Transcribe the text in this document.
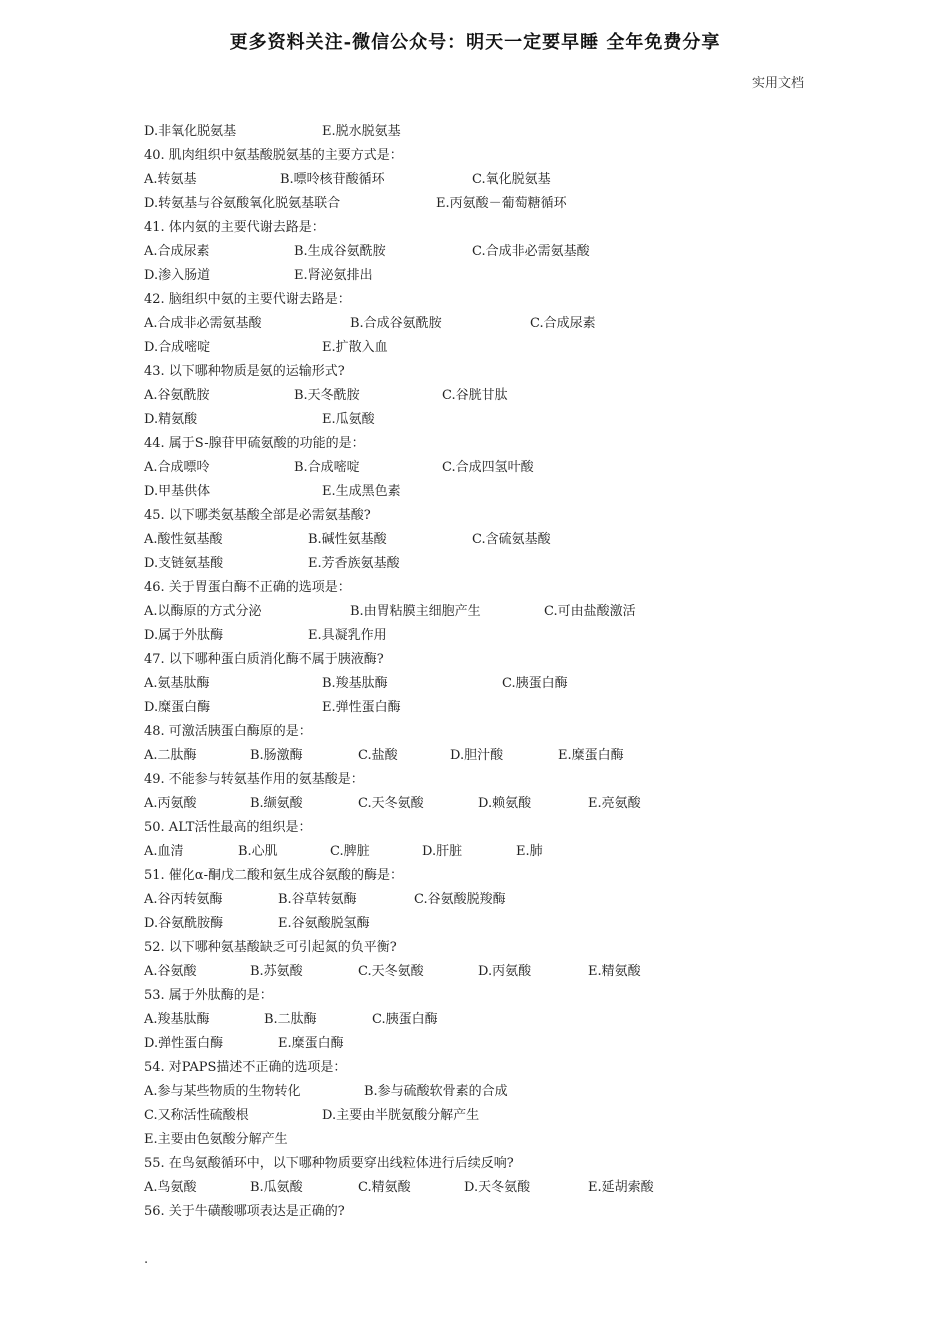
更多资料关注-微信公众号：明天一定要早睡 全年免费分享
实用文档
D.非氧化脱氨基	E.脱水脱氨基
40. 肌肉组织中氨基酸脱氨基的主要方式是：
A.转氨基	B.嘌呤核苷酸循环	C.氧化脱氨基
D.转氨基与谷氨酸氧化脱氨基联合	E.丙氨酸－葡萄糖循环
41. 体内氨的主要代谢去路是：
A.合成尿素	B.生成谷氨酰胺	C.合成非必需氨基酸
D.渗入肠道	E.肾泌氨排出
42. 脑组织中氨的主要代谢去路是：
A.合成非必需氨基酸	B.合成谷氨酰胺	C.合成尿素
D.合成嘧啶	E.扩散入血
43. 以下哪种物质是氨的运输形式?
A.谷氨酰胺	B.天冬酰胺	C.谷胱甘肽
D.精氨酸	E.瓜氨酸
44. 属于S-腺苷甲硫氨酸的功能的是：
A.合成嘌呤	B.合成嘧啶	C.合成四氢叶酸
D.甲基供体	E.生成黑色素
45. 以下哪类氨基酸全部是必需氨基酸?
A.酸性氨基酸	B.碱性氨基酸	C.含硫氨基酸
D.支链氨基酸	E.芳香族氨基酸
46. 关于胃蛋白酶不正确的选项是：
A.以酶原的方式分泌	B.由胃粘膜主细胞产生	C.可由盐酸激活
D.属于外肽酶	E.具凝乳作用
47. 以下哪种蛋白质消化酶不属于胰液酶?
A.氨基肽酶	B.羧基肽酶	C.胰蛋白酶
D.糜蛋白酶	E.弹性蛋白酶
48. 可激活胰蛋白酶原的是：
A.二肽酶	B.肠激酶	C.盐酸	D.胆汁酸	E.糜蛋白酶
49. 不能参与转氨基作用的氨基酸是：
A.丙氨酸	B.缬氨酸	C.天冬氨酸	D.赖氨酸	E.亮氨酸
50. ALT活性最高的组织是：
A.血清	B.心肌	C.脾脏	D.肝脏	E.肺
51. 催化α-酮戊二酸和氨生成谷氨酸的酶是：
A.谷丙转氨酶	B.谷草转氨酶	C.谷氨酸脱羧酶
D.谷氨酰胺酶	E.谷氨酸脱氢酶
52. 以下哪种氨基酸缺乏可引起氮的负平衡?
A.谷氨酸	B.苏氨酸	C.天冬氨酸	D.丙氨酸	E.精氨酸
53. 属于外肽酶的是：
A.羧基肽酶	B.二肽酶	C.胰蛋白酶
D.弹性蛋白酶	E.糜蛋白酶
54. 对PAPS描述不正确的选项是：
A.参与某些物质的生物转化	B.参与硫酸软骨素的合成
C.又称活性硫酸根	D.主要由半胱氨酸分解产生
E.主要由色氨酸分解产生
55. 在鸟氨酸循环中，以下哪种物质要穿出线粒体进行后续反响?
A.鸟氨酸	B.瓜氨酸	C.精氨酸	D.天冬氨酸	E.延胡索酸
56. 关于牛磺酸哪项表达是正确的?
.
